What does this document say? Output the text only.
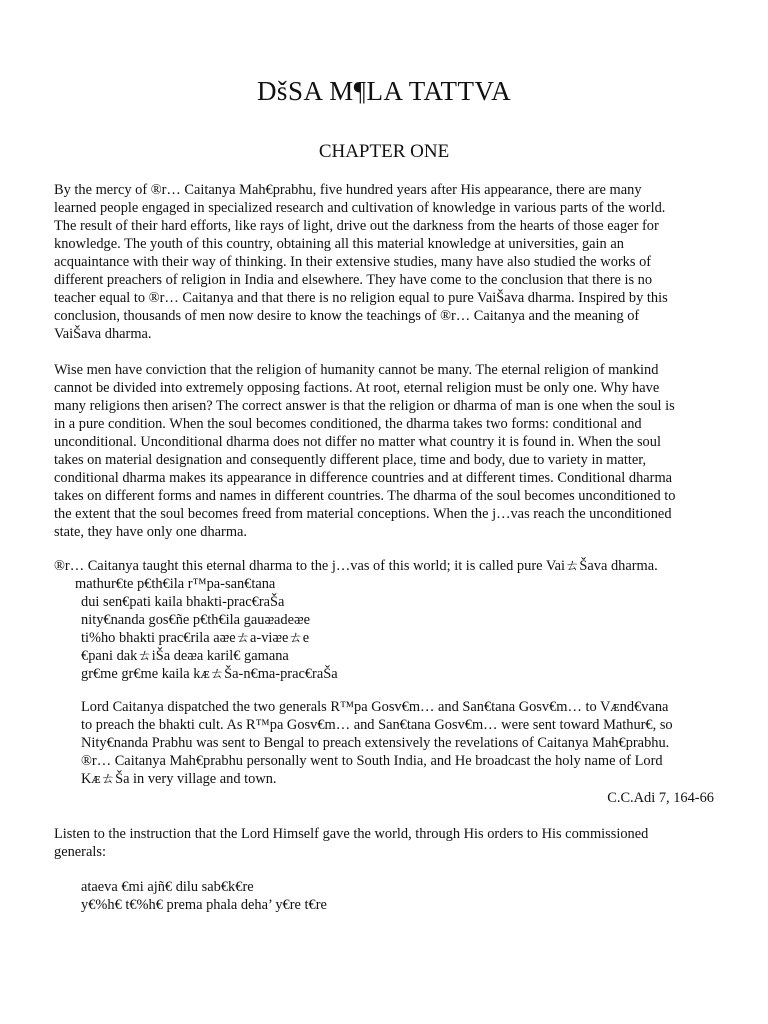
DšSA M¶LA TATTVA
CHAPTER ONE
By the mercy of ®r… Caitanya Mah€prabhu, five hundred years after His appearance, there are many
learned people engaged in specialized research and cultivation of knowledge in various parts of the world.
The result of their hard efforts, like rays of light, drive out the darkness from the hearts of those eager for
knowledge. The youth of this country, obtaining all this material knowledge at universities, gain an
acquaintance with their way of thinking. In their extensive studies, many have also studied the works of
different preachers of religion in India and elsewhere. They have come to the conclusion that there is no
teacher equal to ®r… Caitanya and that there is no religion equal to pure VaiŠava dharma. Inspired by this
conclusion, thousands of men now desire to know the teachings of ®r… Caitanya and the meaning of
VaiŠava dharma.
Wise men have conviction that the religion of humanity cannot be many. The eternal religion of mankind
cannot be divided into extremely opposing factions. At root, eternal religion must be only one. Why have
many religions then arisen? The correct answer is that the religion or dharma of man is one when the soul is
in a pure condition. When the soul becomes conditioned, the dharma takes two forms: conditional and
unconditional. Unconditional dharma does not differ no matter what country it is found in. When the soul
takes on material designation and consequently different place, time and body, due to variety in matter,
conditional dharma makes its appearance in difference countries and at different times. Conditional dharma
takes on different forms and names in different countries. The dharma of the soul becomes unconditioned to
the extent that the soul becomes freed from material conceptions. When the j…vas reach the unconditioned
state, they have only one dharma.
®r… Caitanya taught this eternal dharma to the j…vas of this world; it is called pure VaiㄊŠava dharma.
mathur€te p€th€ila r™pa-san€tana
dui sen€pati kaila bhakti-prac€raŠa
nity€nanda gos€ñe p€th€ila gauᴂadeᴂe
ti%ho bhakti prac€rila aᴂeㄊa-viᴂeㄊe
€pani dakㄊiŠa deᴂa karil€ gamana
gr€me gr€me kaila kᴁㄊŠa-n€ma-prac€raŠa
Lord Caitanya dispatched the two generals R™pa Gosv€m… and San€tana Gosv€m… to Vᴁnd€vana
to preach the bhakti cult. As R™pa Gosv€m… and San€tana Gosv€m… were sent toward Mathur€, so
Nity€nanda Prabhu was sent to Bengal to preach extensively the revelations of Caitanya Mah€prabhu.
®r… Caitanya Mah€prabhu personally went to South India, and He broadcast the holy name of Lord
KᴁㄊŠa in very village and town.
C.C.Adi 7, 164-66
Listen to the instruction that the Lord Himself gave the world, through His orders to His commissioned
generals:
ataeva €mi ajñ€ dilu sab€k€re
y€%h€ t€%h€ prema phala deha’ y€re t€re
